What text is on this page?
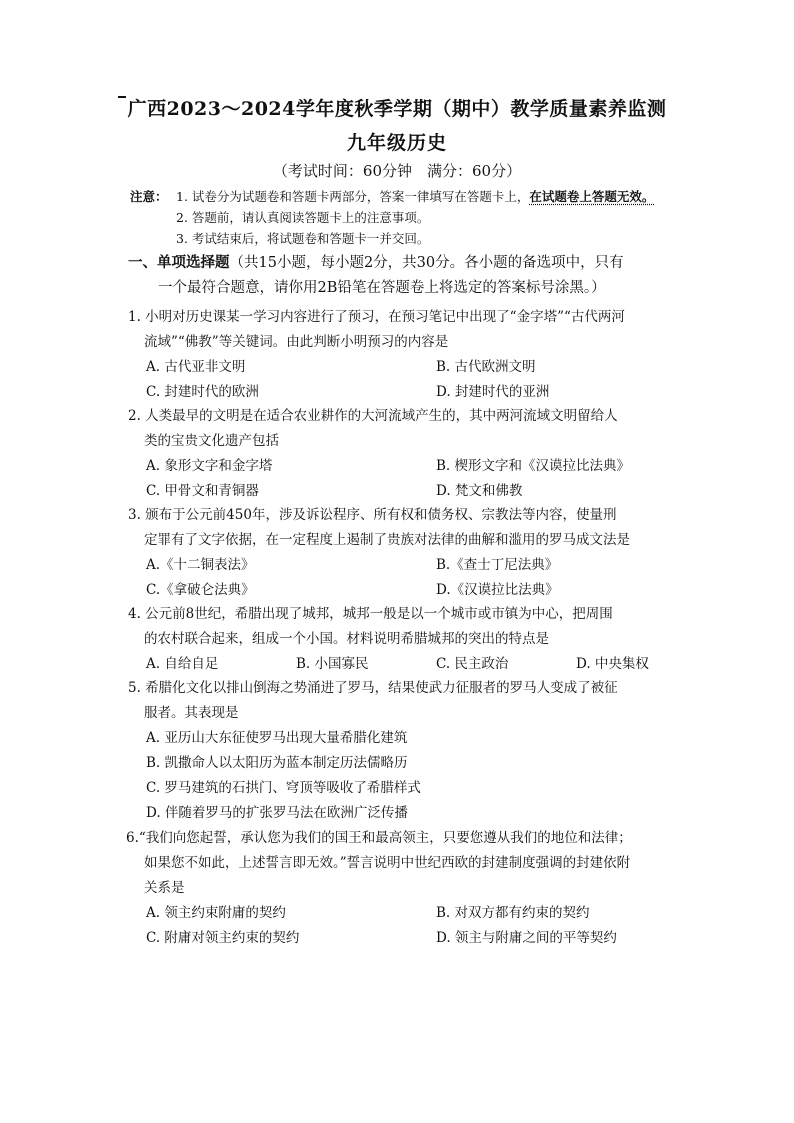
广西2023～2024学年度秋季学期（期中）教学质量素养监测
九年级历史
（考试时间：60分钟　满分：60分）
注意： 1. 试卷分为试题卷和答题卡两部分，答案一律填写在答题卡上，在试题卷上答题无效。
2. 答题前，请认真阅读答题卡上的注意事项。
3. 考试结束后，将试题卷和答题卡一并交回。
一、单项选择题（共15小题，每小题2分，共30分。各小题的备选项中，只有
一个最符合题意，请你用2B铅笔在答题卷上将选定的答案标号涂黑。）
1. 小明对历史课某一学习内容进行了预习，在预习笔记中出现了“金字塔”“古代两河
流域”“佛教”等关键词。由此判断小明预习的内容是
A. 古代亚非文明	B. 古代欧洲文明
C. 封建时代的欧洲	D. 封建时代的亚洲
2. 人类最早的文明是在适合农业耕作的大河流域产生的，其中两河流域文明留给人
类的宝贵文化遗产包括
A. 象形文字和金字塔	B. 楔形文字和《汉谟拉比法典》
C. 甲骨文和青铜器	D. 梵文和佛教
3. 颁布于公元前450年，涉及诉讼程序、所有权和债务权、宗教法等内容，使量刑
定罪有了文字依据，在一定程度上遏制了贵族对法律的曲解和滥用的罗马成文法是
A.《十二铜表法》	B.《查士丁尼法典》
C.《拿破仑法典》	D.《汉谟拉比法典》
4. 公元前8世纪，希腊出现了城邦，城邦一般是以一个城市或市镇为中心，把周围
的农村联合起来，组成一个小国。材料说明希腊城邦的突出的特点是
A. 自给自足	B. 小国寡民	C. 民主政治	D. 中央集权
5. 希腊化文化以排山倒海之势涌进了罗马，结果使武力征服者的罗马人变成了被征
服者。其表现是
A. 亚历山大东征使罗马出现大量希腊化建筑
B. 凯撒命人以太阳历为蓝本制定历法儒略历
C. 罗马建筑的石拱门、穹顶等吸收了希腊样式
D. 伴随着罗马的扩张罗马法在欧洲广泛传播
6.“我们向您起誓，承认您为我们的国王和最高领主，只要您遵从我们的地位和法律；
如果您不如此，上述誓言即无效。”誓言说明中世纪西欧的封建制度强调的封建依附
关系是
A. 领主约束附庸的契约	B. 对双方都有约束的契约
C. 附庸对领主约束的契约	D. 领主与附庸之间的平等契约
